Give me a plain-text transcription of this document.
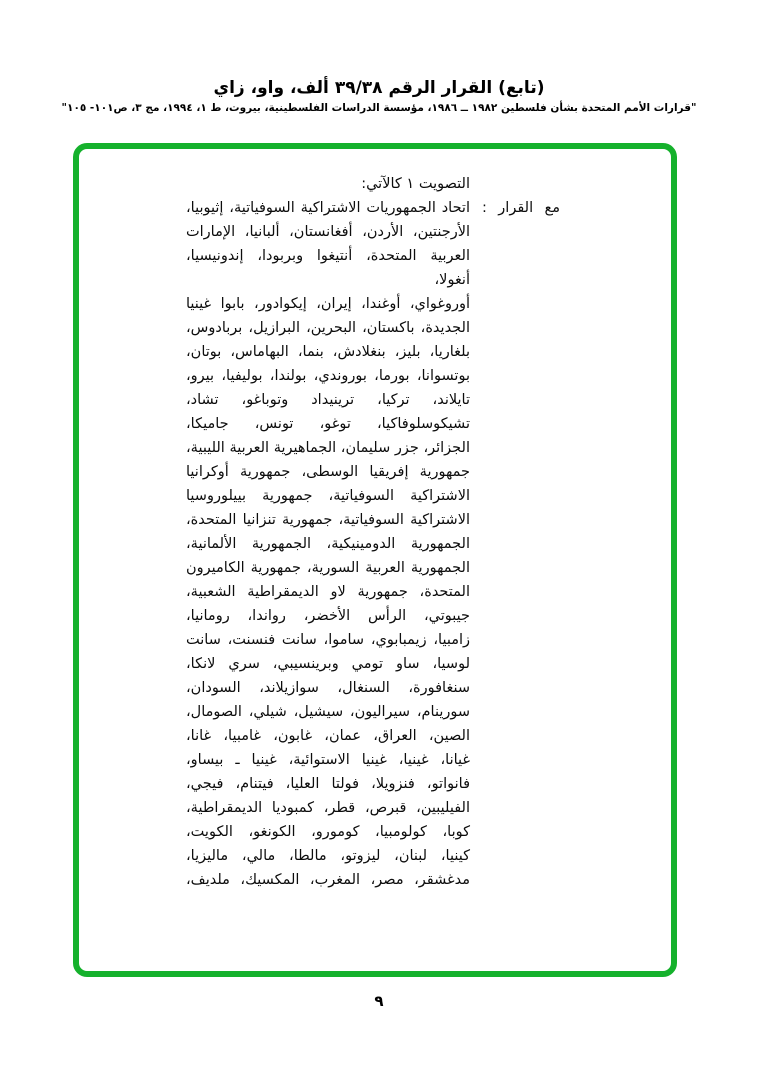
(تابع) القرار الرقم ٣٩/٣٨ ألف، واو، زاي
"قرارات الأمم المتحدة بشأن فلسطين ١٩٨٢ ــ ١٩٨٦، مؤسسة الدراسات الفلسطينية، بيروت، ط ١، ١٩٩٤، مج ٣، ص١٠١- ١٠٥"
التصويت ١ كالآتي:
مع القرار :
اتحاد الجمهوريات الاشتراكية السوفياتية، إثيوبيا،
الأرجنتين، الأردن، أفغانستان، ألبانيا، الإمارات
العربية المتحدة، أنتيغوا وبربودا، إندونيسيا، أنغولا،
أوروغواي، أوغندا، إيران، إيكوادور، بابوا غينيا
الجديدة، باكستان، البحرين، البرازيل، بربادوس،
بلغاريا، بليز، بنغلادش، بنما، البهاماس، بوتان،
بوتسوانا، بورما، بوروندي، بولندا، بوليفيا، بيرو،
تايلاند، تركيا، ترينيداد وتوباغو، تشاد،
تشيكوسلوفاكيا، توغو، تونس، جاميكا،
الجزائر، جزر سليمان، الجماهيرية العربية الليبية،
جمهورية إفريقيا الوسطى، جمهورية أوكرانيا
الاشتراكية السوفياتية، جمهورية بييلوروسيا
الاشتراكية السوفياتية، جمهورية تنزانيا المتحدة،
الجمهورية الدومينيكية، الجمهورية الألمانية،
الجمهورية العربية السورية، جمهورية الكاميرون
المتحدة، جمهورية لاو الديمقراطية الشعبية،
جيبوتي، الرأس الأخضر، رواندا، رومانيا،
زامبيا، زيمبابوي، ساموا، سانت فنسنت، سانت
لوسيا، ساو تومي وبرينسيبي، سري لانكا،
سنغافورة، السنغال، سوازيلاند، السودان،
سورينام، سيراليون، سيشيل، شيلي، الصومال،
الصين، العراق، عمان، غابون، غامبيا، غانا،
غيانا، غينيا، غينيا الاستوائية، غينيا ـ بيساو،
فانواتو، فنزويلا، فولتا العليا، فيتنام، فيجي،
الفيليبين، قبرص، قطر، كمبوديا الديمقراطية،
كوبا، كولومبيا، كومورو، الكونغو، الكويت،
كينيا، لبنان، ليزوتو، مالطا، مالي، ماليزيا،
مدغشقر، مصر، المغرب، المكسيك، ملديف،
٩
